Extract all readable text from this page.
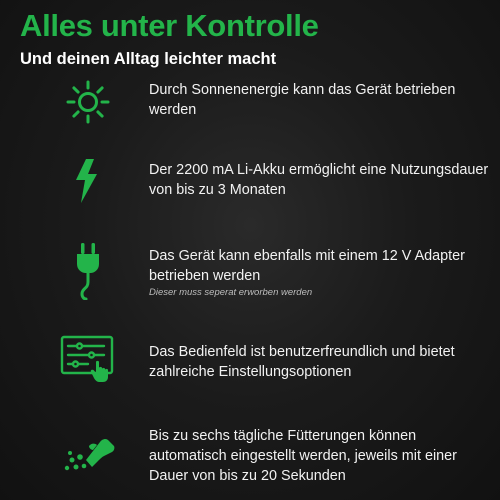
Alles unter Kontrolle
Und deinen Alltag leichter macht
Durch Sonnenenergie kann das Gerät betrieben werden
Der 2200 mA Li-Akku ermöglicht eine Nutzungsdauer von bis zu 3 Monaten
Das Gerät kann ebenfalls mit einem 12 V Adapter betrieben werden
Dieser muss seperat erworben werden
Das Bedienfeld ist benutzerfreundlich und bietet zahlreiche Einstellungsoptionen
Bis zu sechs tägliche Fütterungen können automatisch eingestellt werden, jeweils mit einer Dauer von bis zu 20 Sekunden
